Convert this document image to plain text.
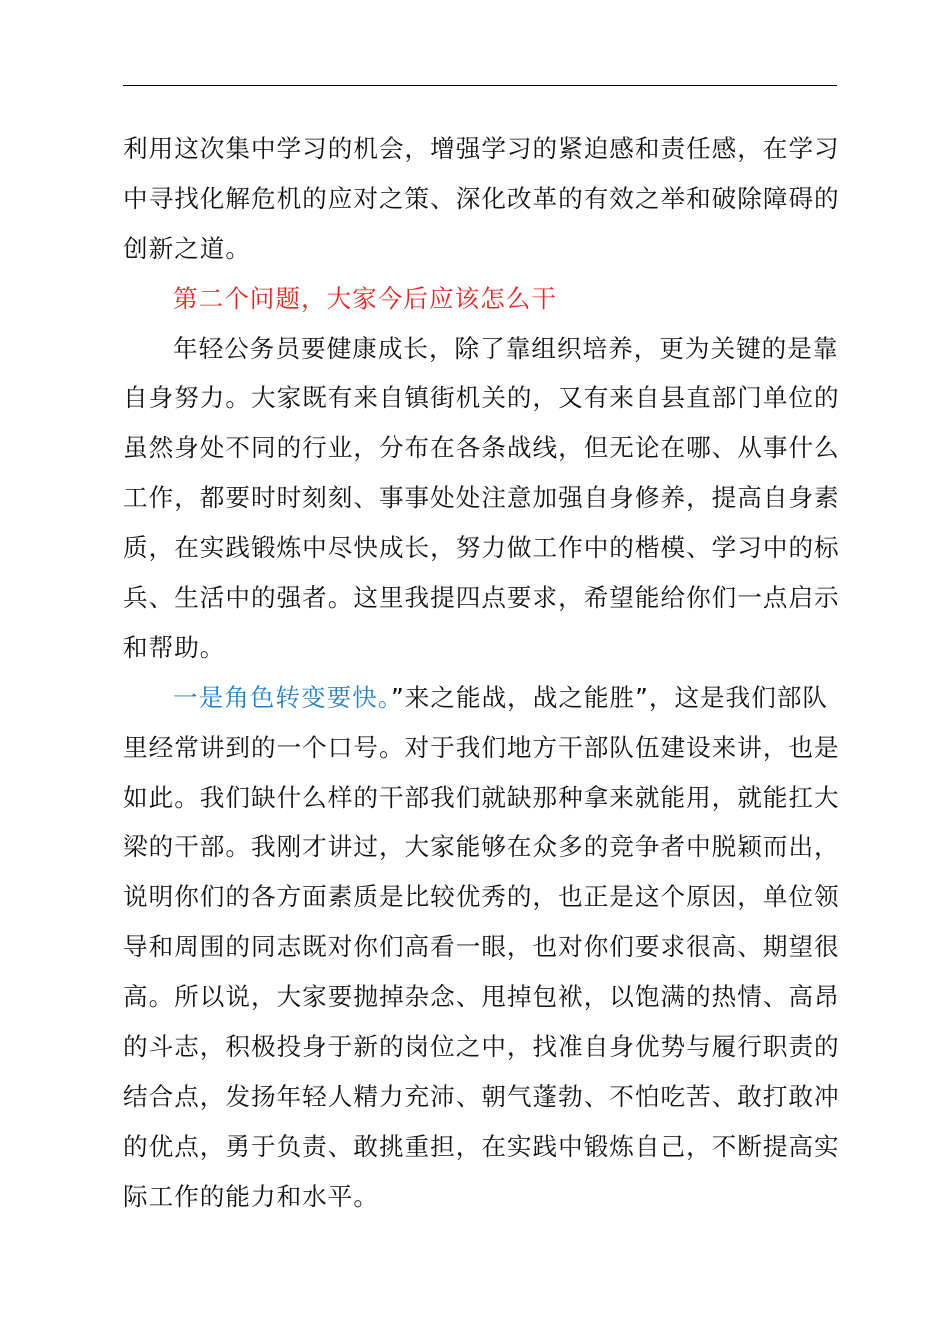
利用这次集中学习的机会，增强学习的紧迫感和责任感，在学习
中寻找化解危机的应对之策、深化改革的有效之举和破除障碍的
创新之道。
第二个问题，大家今后应该怎么干
年轻公务员要健康成长，除了靠组织培养，更为关键的是靠
自身努力。大家既有来自镇街机关的，又有来自县直部门单位的
虽然身处不同的行业，分布在各条战线，但无论在哪、从事什么
工作，都要时时刻刻、事事处处注意加强自身修养，提高自身素
质，在实践锻炼中尽快成长，努力做工作中的楷模、学习中的标
兵、生活中的强者。这里我提四点要求，希望能给你们一点启示
和帮助。
一是角色转变要快。”来之能战，战之能胜”，这是我们部队
里经常讲到的一个口号。对于我们地方干部队伍建设来讲，也是
如此。我们缺什么样的干部我们就缺那种拿来就能用，就能扛大
梁的干部。我刚才讲过，大家能够在众多的竞争者中脱颖而出，
说明你们的各方面素质是比较优秀的，也正是这个原因，单位领
导和周围的同志既对你们高看一眼，也对你们要求很高、期望很
高。所以说，大家要抛掉杂念、甩掉包袱，以饱满的热情、高昂
的斗志，积极投身于新的岗位之中，找准自身优势与履行职责的
结合点，发扬年轻人精力充沛、朝气蓬勃、不怕吃苦、敢打敢冲
的优点，勇于负责、敢挑重担，在实践中锻炼自己，不断提高实
际工作的能力和水平。
